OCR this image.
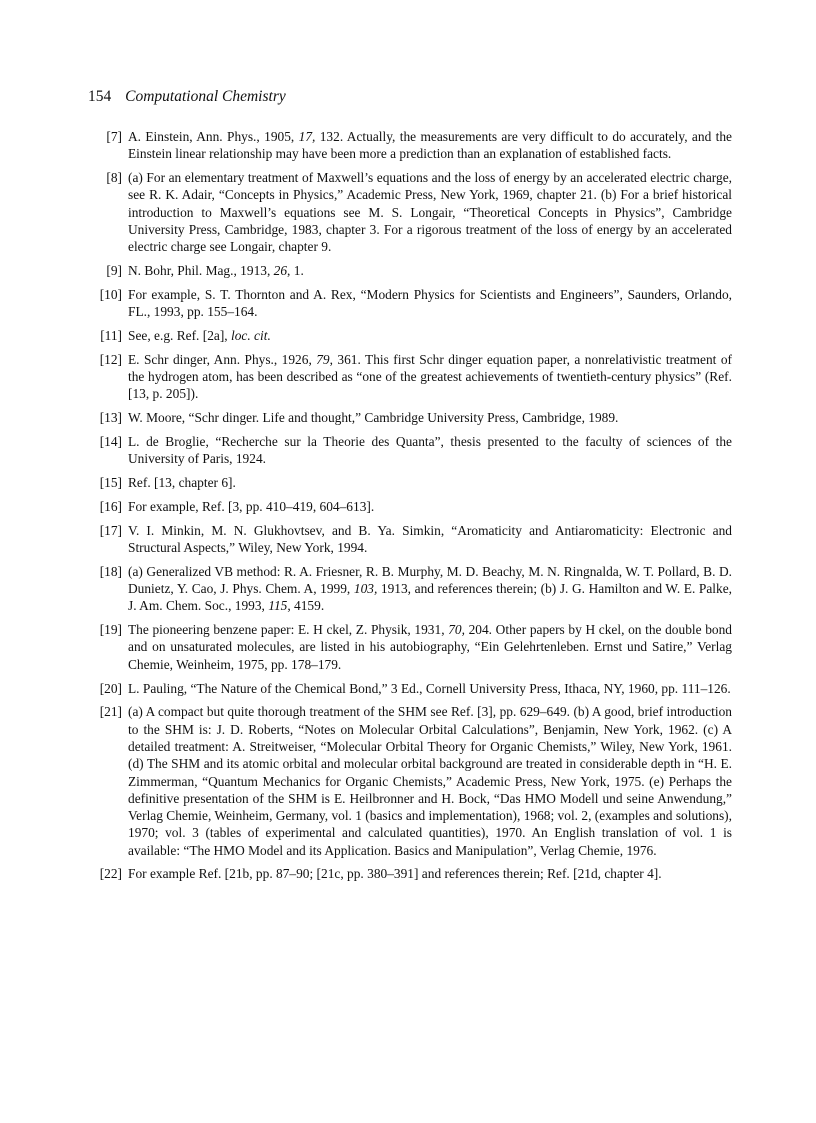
154 Computational Chemistry
[7] A. Einstein, Ann. Phys., 1905, 17, 132. Actually, the measurements are very difficult to do accurately, and the Einstein linear relationship may have been more a prediction than an explanation of established facts.
[8] (a) For an elementary treatment of Maxwell’s equations and the loss of energy by an accelerated electric charge, see R. K. Adair, “Concepts in Physics,” Academic Press, New York, 1969, chapter 21. (b) For a brief historical introduction to Maxwell’s equations see M. S. Longair, “Theoretical Concepts in Physics”, Cambridge University Press, Cambridge, 1983, chapter 3. For a rigorous treatment of the loss of energy by an accelerated electric charge see Longair, chapter 9.
[9] N. Bohr, Phil. Mag., 1913, 26, 1.
[10] For example, S. T. Thornton and A. Rex, “Modern Physics for Scientists and Engineers”, Saunders, Orlando, FL., 1993, pp. 155–164.
[11] See, e.g. Ref. [2a], loc. cit.
[12] E. Schr dinger, Ann. Phys., 1926, 79, 361. This first Schr dinger equation paper, a nonrelativistic treatment of the hydrogen atom, has been described as “one of the greatest achievements of twentieth-century physics” (Ref. [13, p. 205]).
[13] W. Moore, “Schr dinger. Life and thought,” Cambridge University Press, Cambridge, 1989.
[14] L. de Broglie, “Recherche sur la Theorie des Quanta”, thesis presented to the faculty of sciences of the University of Paris, 1924.
[15] Ref. [13, chapter 6].
[16] For example, Ref. [3, pp. 410–419, 604–613].
[17] V. I. Minkin, M. N. Glukhovtsev, and B. Ya. Simkin, “Aromaticity and Antiaromaticity: Electronic and Structural Aspects,” Wiley, New York, 1994.
[18] (a) Generalized VB method: R. A. Friesner, R. B. Murphy, M. D. Beachy, M. N. Ringnalda, W. T. Pollard, B. D. Dunietz, Y. Cao, J. Phys. Chem. A, 1999, 103, 1913, and references therein; (b) J. G. Hamilton and W. E. Palke, J. Am. Chem. Soc., 1993, 115, 4159.
[19] The pioneering benzene paper: E. H ckel, Z. Physik, 1931, 70, 204. Other papers by H ckel, on the double bond and on unsaturated molecules, are listed in his autobiography, “Ein Gelehrtenleben. Ernst und Satire,” Verlag Chemie, Weinheim, 1975, pp. 178–179.
[20] L. Pauling, “The Nature of the Chemical Bond,” 3 Ed., Cornell University Press, Ithaca, NY, 1960, pp. 111–126.
[21] (a) A compact but quite thorough treatment of the SHM see Ref. [3], pp. 629–649. (b) A good, brief introduction to the SHM is: J. D. Roberts, “Notes on Molecular Orbital Calculations”, Benjamin, New York, 1962. (c) A detailed treatment: A. Streitweiser, “Molecular Orbital Theory for Organic Chemists,” Wiley, New York, 1961. (d) The SHM and its atomic orbital and molecular orbital background are treated in considerable depth in “H. E. Zimmerman, “Quantum Mechanics for Organic Chemists,” Academic Press, New York, 1975. (e) Perhaps the definitive presentation of the SHM is E. Heilbronner and H. Bock, “Das HMO Modell und seine Anwendung,” Verlag Chemie, Weinheim, Germany, vol. 1 (basics and implementation), 1968; vol. 2, (examples and solutions), 1970; vol. 3 (tables of experimental and calculated quantities), 1970. An English translation of vol. 1 is available: “The HMO Model and its Application. Basics and Manipulation”, Verlag Chemie, 1976.
[22] For example Ref. [21b, pp. 87–90; [21c, pp. 380–391] and references therein; Ref. [21d, chapter 4].
